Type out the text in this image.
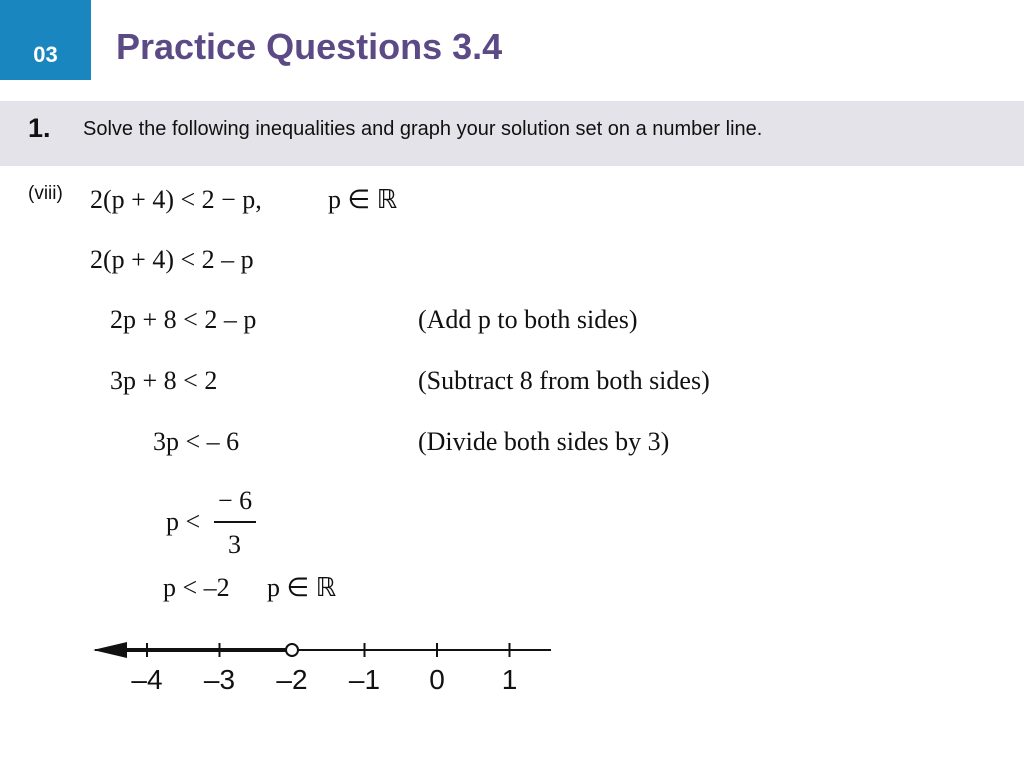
03 Practice Questions 3.4
1. Solve the following inequalities and graph your solution set on a number line.
(viii) 2(p + 4) < 2 − p,	p ∈ ℝ
2(p + 4) < 2 – p
2p + 8 < 2 – p	(Add p to both sides)
3p + 8 < 2	(Subtract 8 from both sides)
3p < – 6	(Divide both sides by 3)
p <
− 6
3
p < –2 p ∈ ℝ
–4 –3 –2 –1 0 1
